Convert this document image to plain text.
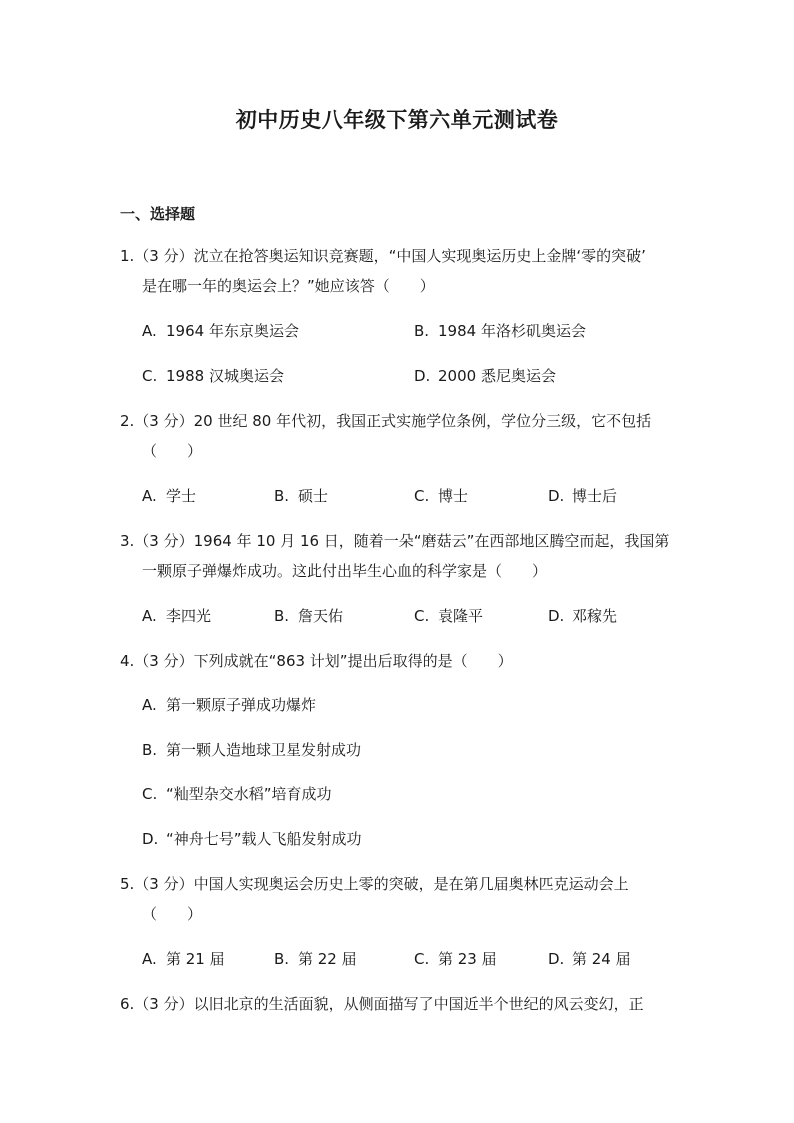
初中历史八年级下第六单元测试卷
一、选择题
1.（3 分）沈立在抢答奥运知识竞赛题，“中国人实现奥运历史上金牌‘零的突破’
是在哪一年的奥运会上？”她应该答（　　）
A. 1964 年东京奥运会	B. 1984 年洛杉矶奥运会
C. 1988 汉城奥运会	D. 2000 悉尼奥运会
2.（3 分）20 世纪 80 年代初，我国正式实施学位条例，学位分三级，它不包括
（　　）
A. 学士	B. 硕士	C. 博士	D. 博士后
3.（3 分）1964 年 10 月 16 日，随着一朵“磨菇云”在西部地区腾空而起，我国第
一颗原子弹爆炸成功。这此付出毕生心血的科学家是（　　）
A. 李四光	B. 詹天佑	C. 袁隆平	D. 邓稼先
4.（3 分）下列成就在“863 计划”提出后取得的是（　　）
A. 第一颗原子弹成功爆炸
B. 第一颗人造地球卫星发射成功
C. “籼型杂交水稻”培育成功
D. “神舟七号”载人飞船发射成功
5.（3 分）中国人实现奥运会历史上零的突破，是在第几届奥林匹克运动会上
（　　）
A. 第 21 届	B. 第 22 届	C. 第 23 届	D. 第 24 届
6.（3 分）以旧北京的生活面貌，从侧面描写了中国近半个世纪的风云变幻，正
